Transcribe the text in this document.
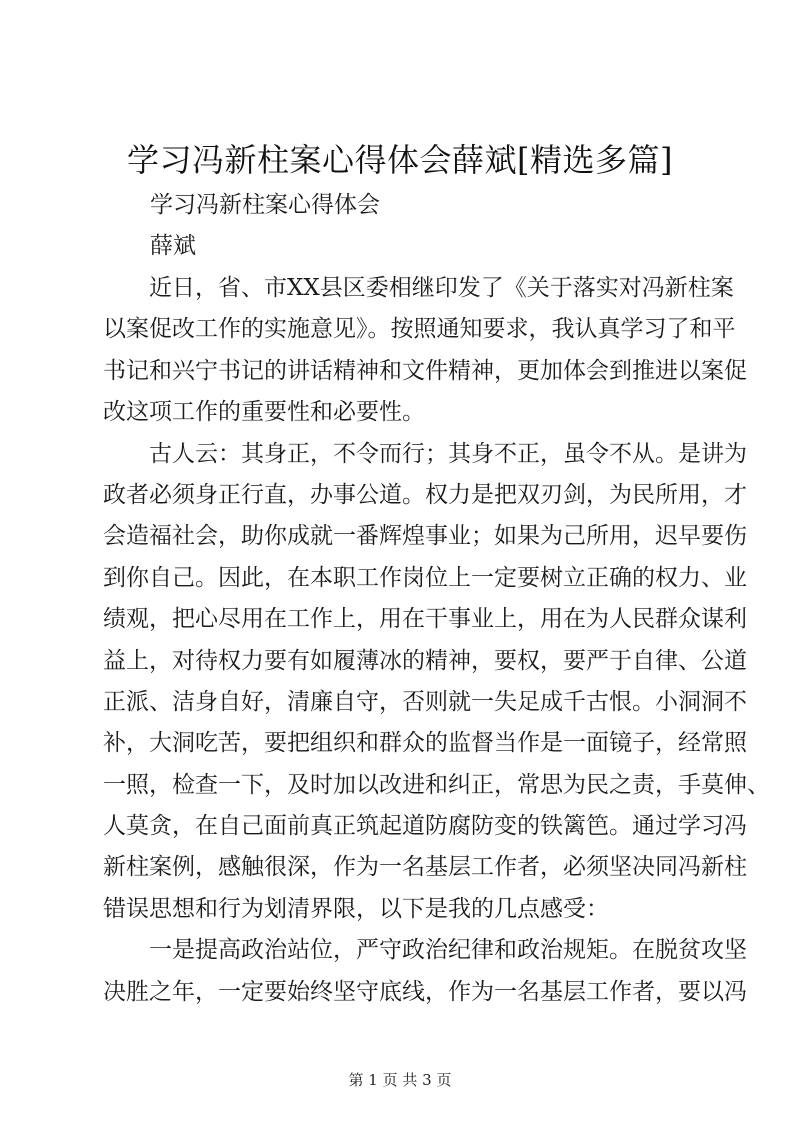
学习冯新柱案心得体会薛斌[精选多篇]
学习冯新柱案心得体会
薛斌
近日，省、市XX县区委相继印发了《关于落实对冯新柱案
以案促改工作的实施意见》。按照通知要求，我认真学习了和平
书记和兴宁书记的讲话精神和文件精神，更加体会到推进以案促
改这项工作的重要性和必要性。
古人云：其身正，不令而行；其身不正，虽令不从。是讲为
政者必须身正行直，办事公道。权力是把双刃剑，为民所用，才
会造福社会，助你成就一番辉煌事业；如果为己所用，迟早要伤
到你自己。因此，在本职工作岗位上一定要树立正确的权力、业
绩观，把心尽用在工作上，用在干事业上，用在为人民群众谋利
益上，对待权力要有如履薄冰的精神，要权，要严于自律、公道
正派、洁身自好，清廉自守，否则就一失足成千古恨。小洞洞不
补，大洞吃苦，要把组织和群众的监督当作是一面镜子，经常照
一照，检查一下，及时加以改进和纠正，常思为民之责，手莫伸、
人莫贪，在自己面前真正筑起道防腐防变的铁篱笆。通过学习冯
新柱案例，感触很深，作为一名基层工作者，必须坚决同冯新柱
错误思想和行为划清界限，以下是我的几点感受：
一是提高政治站位，严守政治纪律和政治规矩。在脱贫攻坚
决胜之年，一定要始终坚守底线，作为一名基层工作者，要以冯
第 1 页 共 3 页
